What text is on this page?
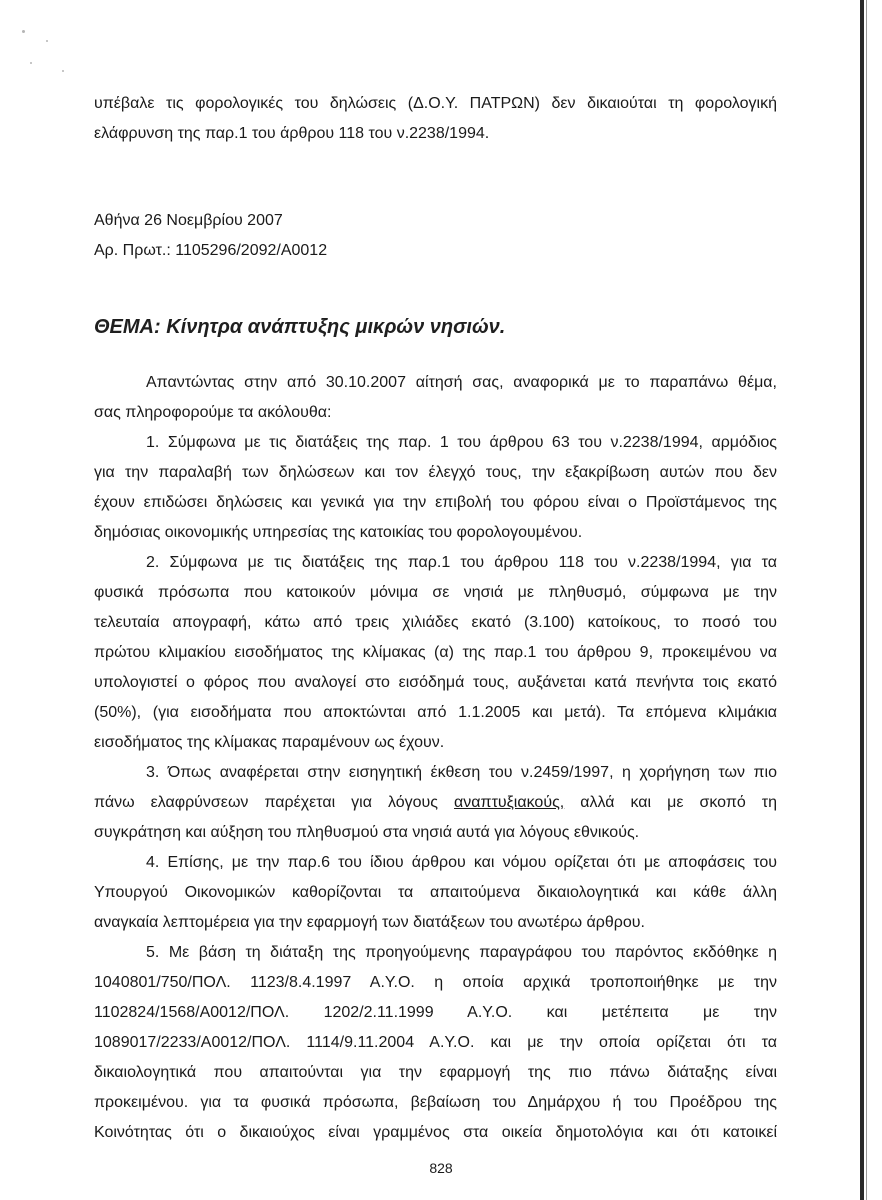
υπέβαλε τις φορολογικές του δηλώσεις (Δ.Ο.Υ. ΠΑΤΡΩΝ) δεν δικαιούται τη φορολογική

ελάφρυνση της παρ.1 του άρθρου 118 του ν.2238/1994.

Αθήνα 26 Νοεμβρίου 2007

Αρ. Πρωτ.: 1105296/2092/Α0012

ΘΕΜΑ: Κίνητρα ανάπτυξης μικρών νησιών.

Απαντώντας στην από 30.10.2007 αίτησή σας, αναφορικά με το παραπάνω θέμα,

σας πληροφορούμε τα ακόλουθα:

1. Σύμφωνα με τις διατάξεις της παρ. 1 του άρθρου 63 του ν.2238/1994, αρμόδιος

για την παραλαβή των δηλώσεων και τον έλεγχό τους, την εξακρίβωση αυτών που δεν

έχουν επιδώσει δηλώσεις και γενικά για την επιβολή του φόρου είναι ο Προϊστάμενος της

δημόσιας οικονομικής υπηρεσίας της κατοικίας του φορολογουμένου.

2. Σύμφωνα με τις διατάξεις της παρ.1 του άρθρου 118 του ν.2238/1994, για τα

φυσικά πρόσωπα που κατοικούν μόνιμα σε νησιά με πληθυσμό, σύμφωνα με την

τελευταία απογραφή, κάτω από τρεις χιλιάδες εκατό (3.100) κατοίκους, το ποσό του

πρώτου κλιμακίου εισοδήματος της κλίμακας (α) της παρ.1 του άρθρου 9, προκειμένου να

υπολογιστεί ο φόρος που αναλογεί στο εισόδημά τους, αυξάνεται κατά πενήντα τοις εκατό

(50%), (για εισοδήματα που αποκτώνται από 1.1.2005 και μετά). Τα επόμενα κλιμάκια

εισοδήματος της κλίμακας παραμένουν ως έχουν.

3. Όπως αναφέρεται στην εισηγητική έκθεση του ν.2459/1997, η χορήγηση των πιο

πάνω ελαφρύνσεων παρέχεται για λόγους αναπτυξιακούς, αλλά και με σκοπό τη

συγκράτηση και αύξηση του πληθυσμού στα νησιά αυτά για λόγους εθνικούς.

4. Επίσης, με την παρ.6 του ίδιου άρθρου και νόμου ορίζεται ότι με αποφάσεις του

Υπουργού Οικονομικών καθορίζονται τα απαιτούμενα δικαιολογητικά και κάθε άλλη

αναγκαία λεπτομέρεια για την εφαρμογή των διατάξεων του ανωτέρω άρθρου.

5. Με βάση τη διάταξη της προηγούμενης παραγράφου του παρόντος εκδόθηκε η

1040801/750/ΠΟΛ. 1123/8.4.1997 Α.Υ.Ο. η οποία αρχικά τροποποιήθηκε με την

1102824/1568/Α0012/ΠΟΛ. 1202/2.11.1999 Α.Υ.Ο. και μετέπειτα με την

1089017/2233/Α0012/ΠΟΛ. 1114/9.11.2004 Α.Υ.Ο. και με την οποία ορίζεται ότι τα

δικαιολογητικά που απαιτούνται για την εφαρμογή της πιο πάνω διάταξης είναι

προκειμένου. για τα φυσικά πρόσωπα, βεβαίωση του Δημάρχου ή του Προέδρου της

Κοινότητας ότι ο δικαιούχος είναι γραμμένος στα οικεία δημοτολόγια και ότι κατοικεί

828
